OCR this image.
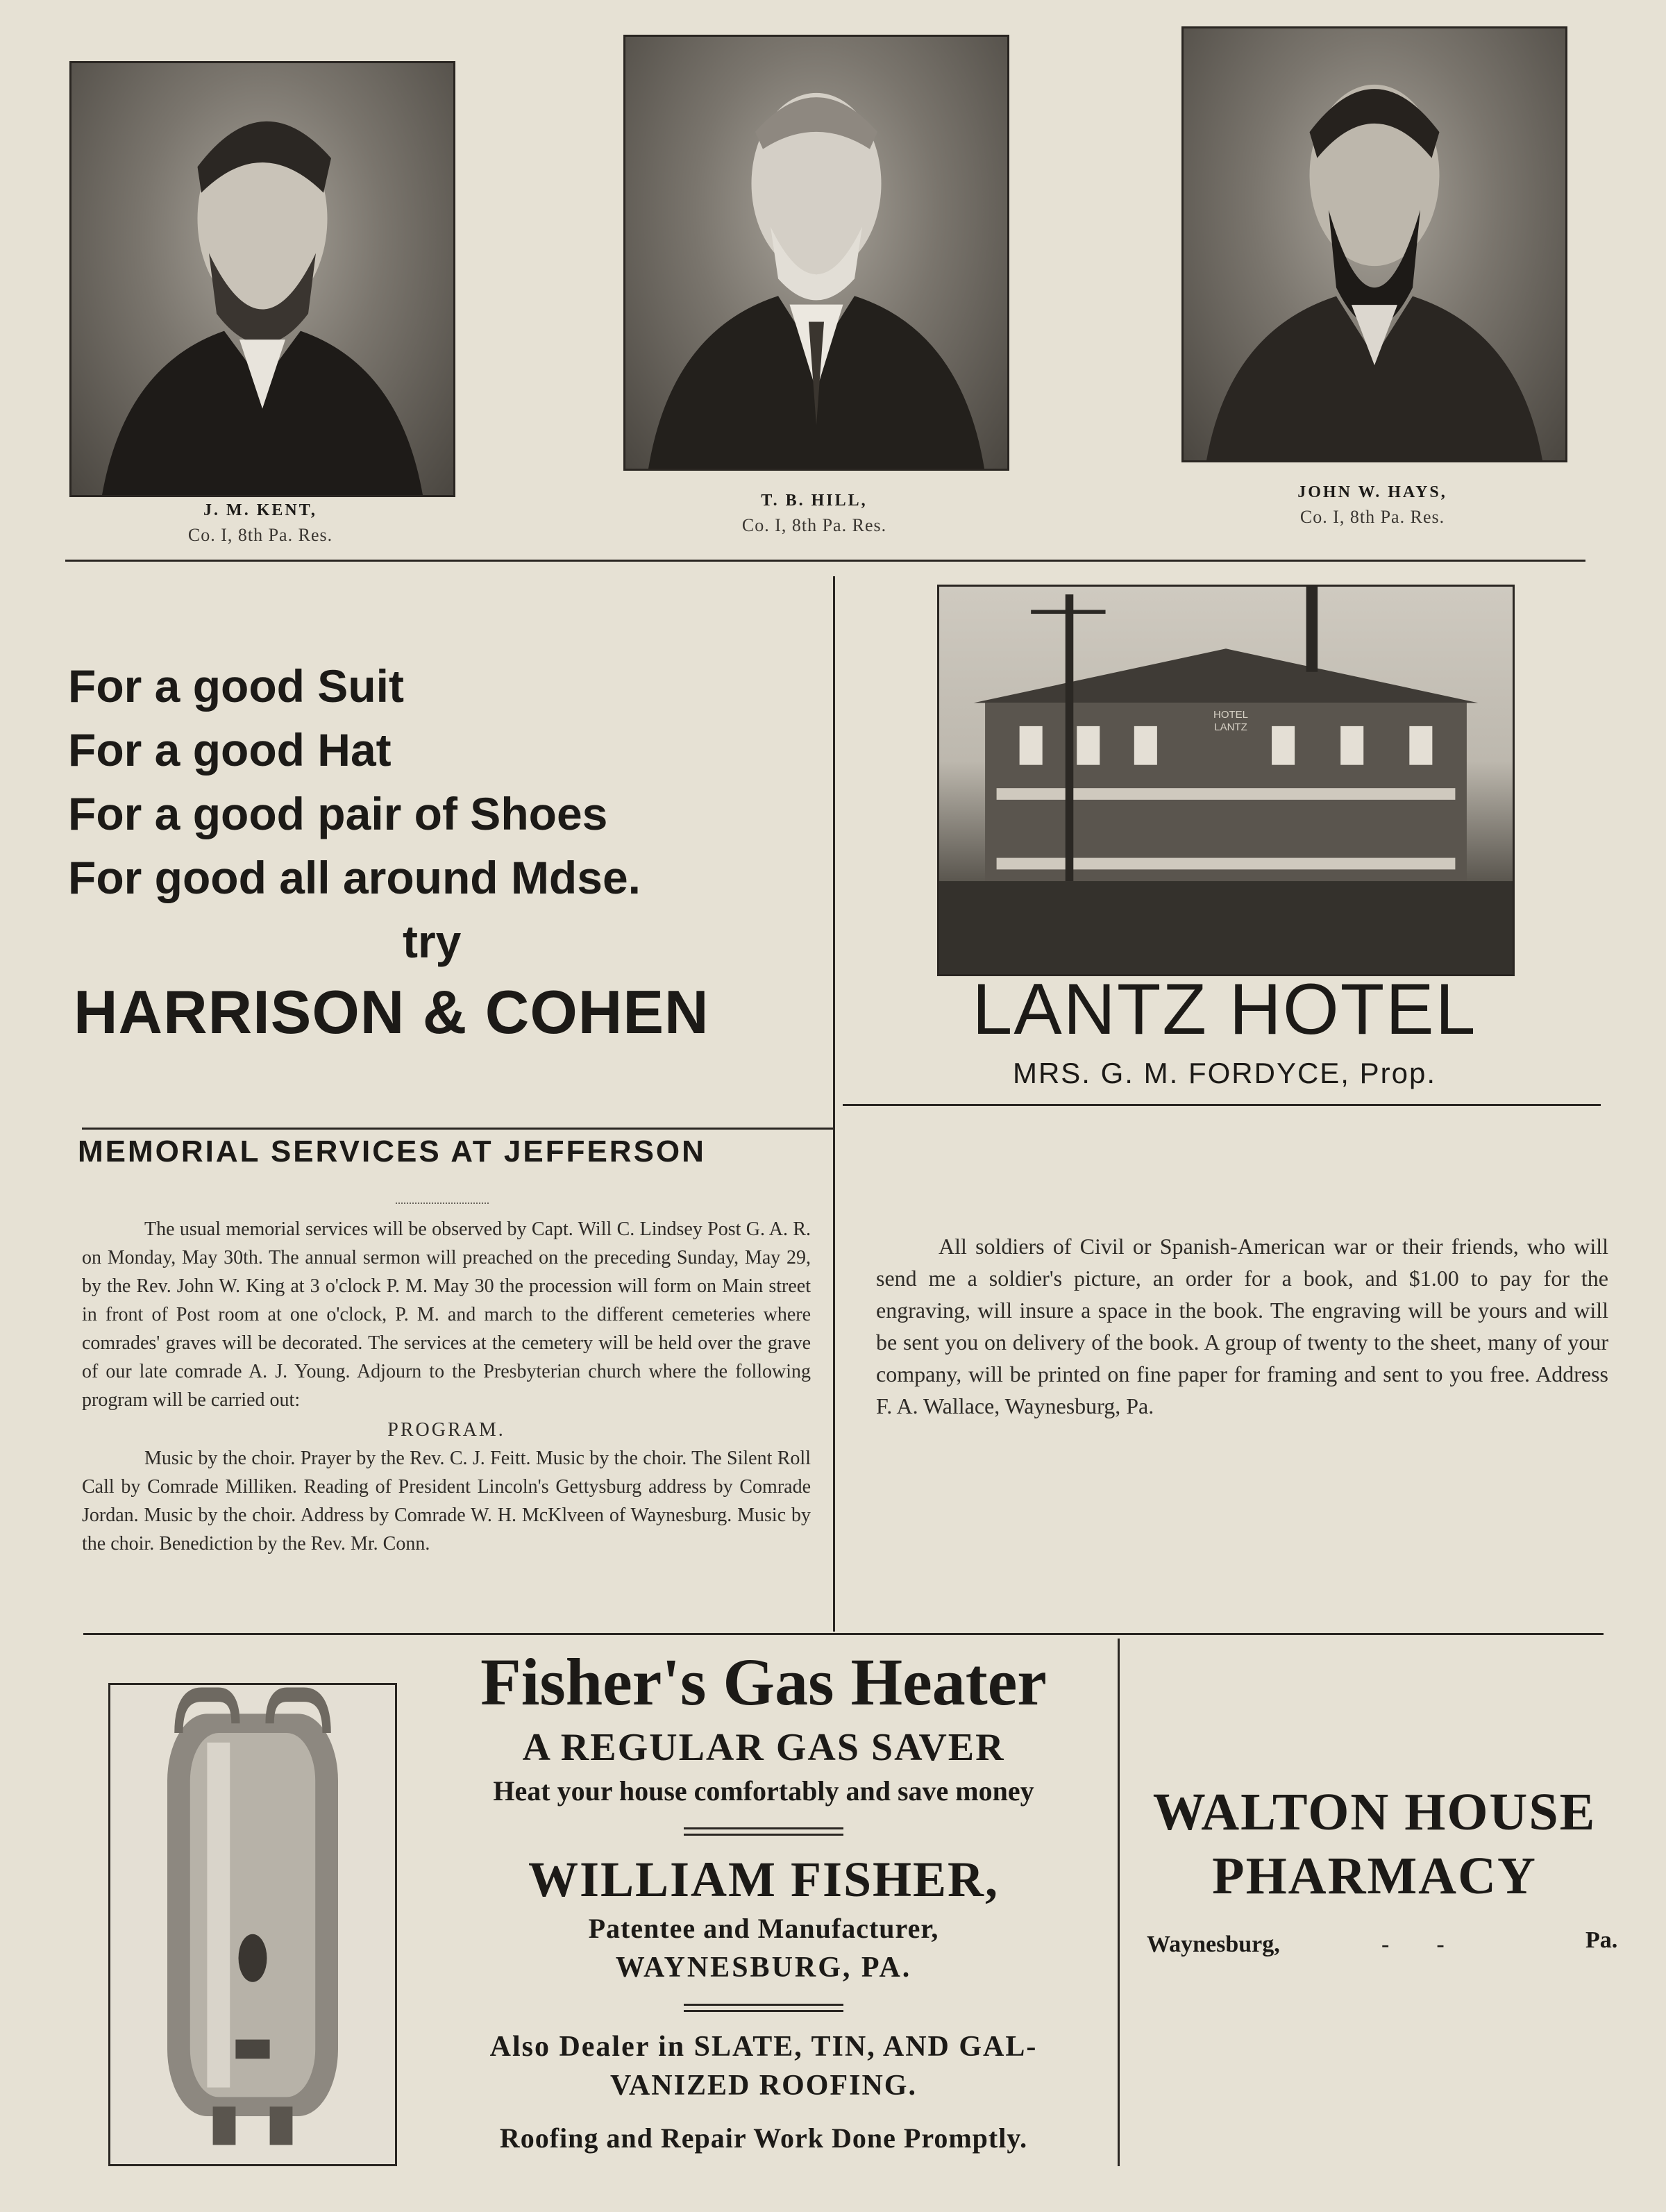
J. M. KENT,
Co. I, 8th Pa. Res.
T. B. HILL,
Co. I, 8th Pa. Res.
JOHN W. HAYS,
Co. I, 8th Pa. Res.

For a good Suit

For a good Hat

For a good pair of Shoes

For good all around Mdse.

try

HARRISON & COHEN

HOTEL LANTZ
LANTZ HOTEL
MRS. G. M. FORDYCE, Prop.
MEMORIAL SERVICES AT JEFFERSON

The usual memorial services will be observed by Capt. Will C. Lindsey Post G. A. R. on Monday, May 30th. The annual sermon will preached on the preceding Sunday, May 29, by the Rev. John W. King at 3 o'clock P. M. May 30 the procession will form on Main street in front of Post room at one o'clock, P. M. and march to the different cemeteries where comrades' graves will be decorated. The services at the cemetery will be held over the grave of our late comrade A. J. Young. Adjourn to the Presbyterian church where the following program will be carried out:

PROGRAM.

Music by the choir. Prayer by the Rev. C. J. Feitt. Music by the choir. The Silent Roll Call by Comrade Milliken. Reading of President Lincoln's Gettysburg address by Comrade Jordan. Music by the choir. Address by Comrade W. H. McKlveen of Waynesburg. Music by the choir. Benediction by the Rev. Mr. Conn.

All soldiers of Civil or Spanish-American war or their friends, who will send me a soldier's picture, an order for a book, and $1.00 to pay for the engraving, will insure a space in the book. The engraving will be yours and will be sent you on delivery of the book. A group of twenty to the sheet, many of your company, will be printed on fine paper for framing and sent to you free. Address F. A. Wallace, Waynesburg, Pa.

Fisher's Gas Heater
A REGULAR GAS SAVER
Heat your house comfortably and save money
WILLIAM FISHER,
Patentee and Manufacturer,
WAYNESBURG, PA.
Also Dealer in SLATE, TIN, AND GAL-
VANIZED ROOFING.
Roofing and Repair Work Done Promptly.
WALTON HOUSE
PHARMACY
Waynesburg,	-        -	Pa.
